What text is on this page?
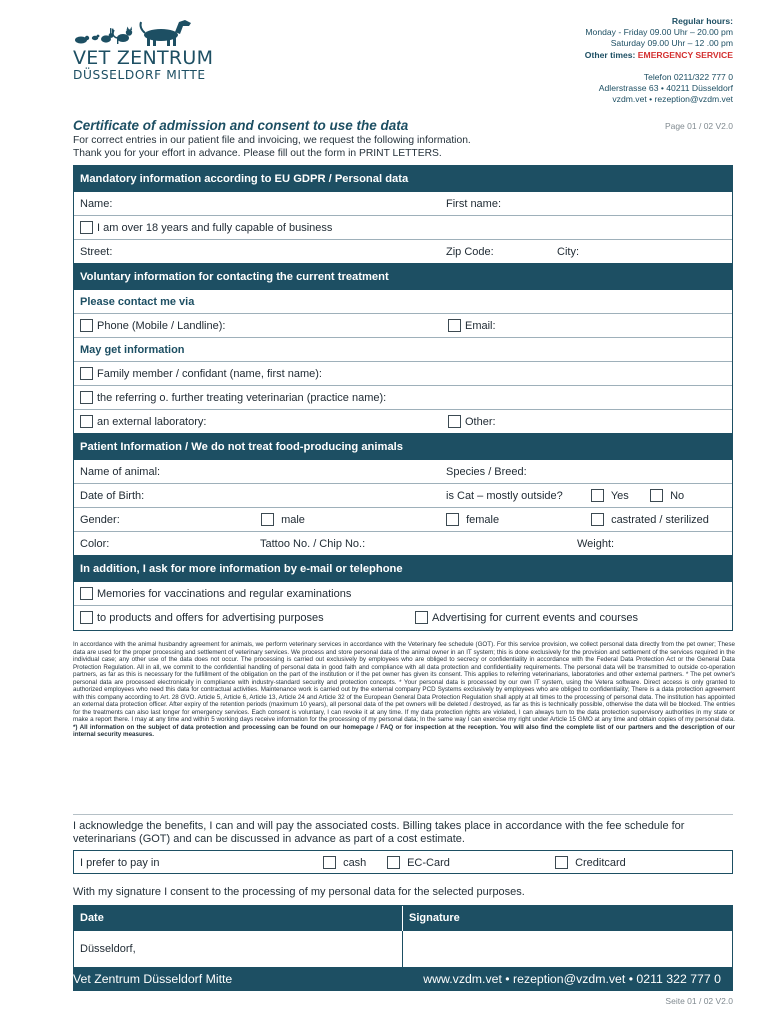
VET ZENTRUM
DÜSSELDORF MITTE
Regular hours:
Monday - Friday 09.00 Uhr – 20.00 pm
Saturday 09.00 Uhr – 12 .00 pm
Other times: EMERGENCY SERVICE
Telefon 0211/322 777 0
Adlerstrasse 63 • 40211 Düsseldorf
vzdm.vet • rezeption@vzdm.vet
Certificate of admission and consent to use the data	Page 01 / 02 V2.0
For correct entries in our patient file and invoicing, we request the following information.
Thank you for your effort in advance. Please fill out the form in PRINT LETTERS.
Mandatory information according to EU GDPR / Personal data
Name:	First name:
I am over 18 years and fully capable of business
Street:	Zip Code:	City:
Voluntary information for contacting the current treatment
Please contact me via
Phone (Mobile / Landline):	Email:
May get information
Family member / confidant (name, first name):
the referring o. further treating veterinarian (practice name):
an external laboratory:	Other:
Patient Information / We do not treat food-producing animals
Name of animal:	Species / Breed:
Date of Birth:	is Cat – mostly outside?	Yes	No
Gender:	male	female	castrated / sterilized
Color:	Tattoo No. / Chip No.:	Weight:
In addition, I ask for more information by e-mail or telephone
Memories for vaccinations and regular examinations
to products and offers for advertising purposes	Advertising for current events and courses
In accordance with the animal husbandry agreement for animals, we perform veterinary services in accordance with the Veterinary fee schedule (GOT). For this service provision, we collect personal data directly from the pet owner; These data are used for the proper processing and settlement of veterinary services. We process and store personal data of the animal owner in an IT system; this is done exclusively for the provision and settlement of the services required in the individual case; any other use of the data does not occur. The processing is carried out exclusively by employees who are obliged to secrecy or confidentiality in accordance with the Federal Data Protection Act or the General Data Protection Regulation. All in all, we commit to the confidential handling of personal data in good faith and compliance with all data protection and confidentiality requirements. The personal data will be transmitted to outside co-operation partners, as far as this is necessary for the fulfillment of the obligation on the part of the institution or if the pet owner has given its consent. This applies to referring veterinarians, laboratories and other external partners. * The pet owner's personal data are processed electronically in compliance with industry-standard security and protection concepts. * Your personal data is processed by our own IT system, using the Vetera software. Direct access is only granted to authorized employees who need this data for contractual activities. Maintenance work is carried out by the external company PCD Systems exclusively by employees who are obliged to confidentiality; There is a data protection agreement with this company according to Art. 28 GVO. Article 5, Article 6, Article 13, Article 24 and Article 32 of the European General Data Protection Regulation shall apply at all times to the processing of personal data. The institution has appointed an external data protection officer. After expiry of the retention periods (maximum 10 years), all personal data of the pet owners will be deleted / destroyed, as far as this is technically possible, otherwise the data will be blocked. The entries for the treatments can also last longer for emergency services. Each consent is voluntary, I can revoke it at any time. If my data protection rights are violated, I can always turn to the data protection supervisory authorities in my state or make a report there. I may at any time and within 5 working days receive information for the processing of my personal data; In the same way I can exercise my right under Article 15 GMO at any time and obtain copies of my personal data. *) All information on the subject of data protection and processing can be found on our homepage / FAQ or for inspection at the reception. You will also find the complete list of our partners and the description of our internal security measures.
I acknowledge the benefits, I can and will pay the associated costs. Billing takes place in accordance with the fee schedule for veterinarians (GOT) and can be discussed in advance as part of a cost estimate.
I prefer to pay in	cash	EC-Card	Creditcard
With my signature I consent to the processing of my personal data for the selected purposes.
Date	Signature
Düsseldorf,
Vet Zentrum Düsseldorf Mitte	www.vzdm.vet • rezeption@vzdm.vet • 0211 322 777 0
Seite 01 / 02 V2.0
